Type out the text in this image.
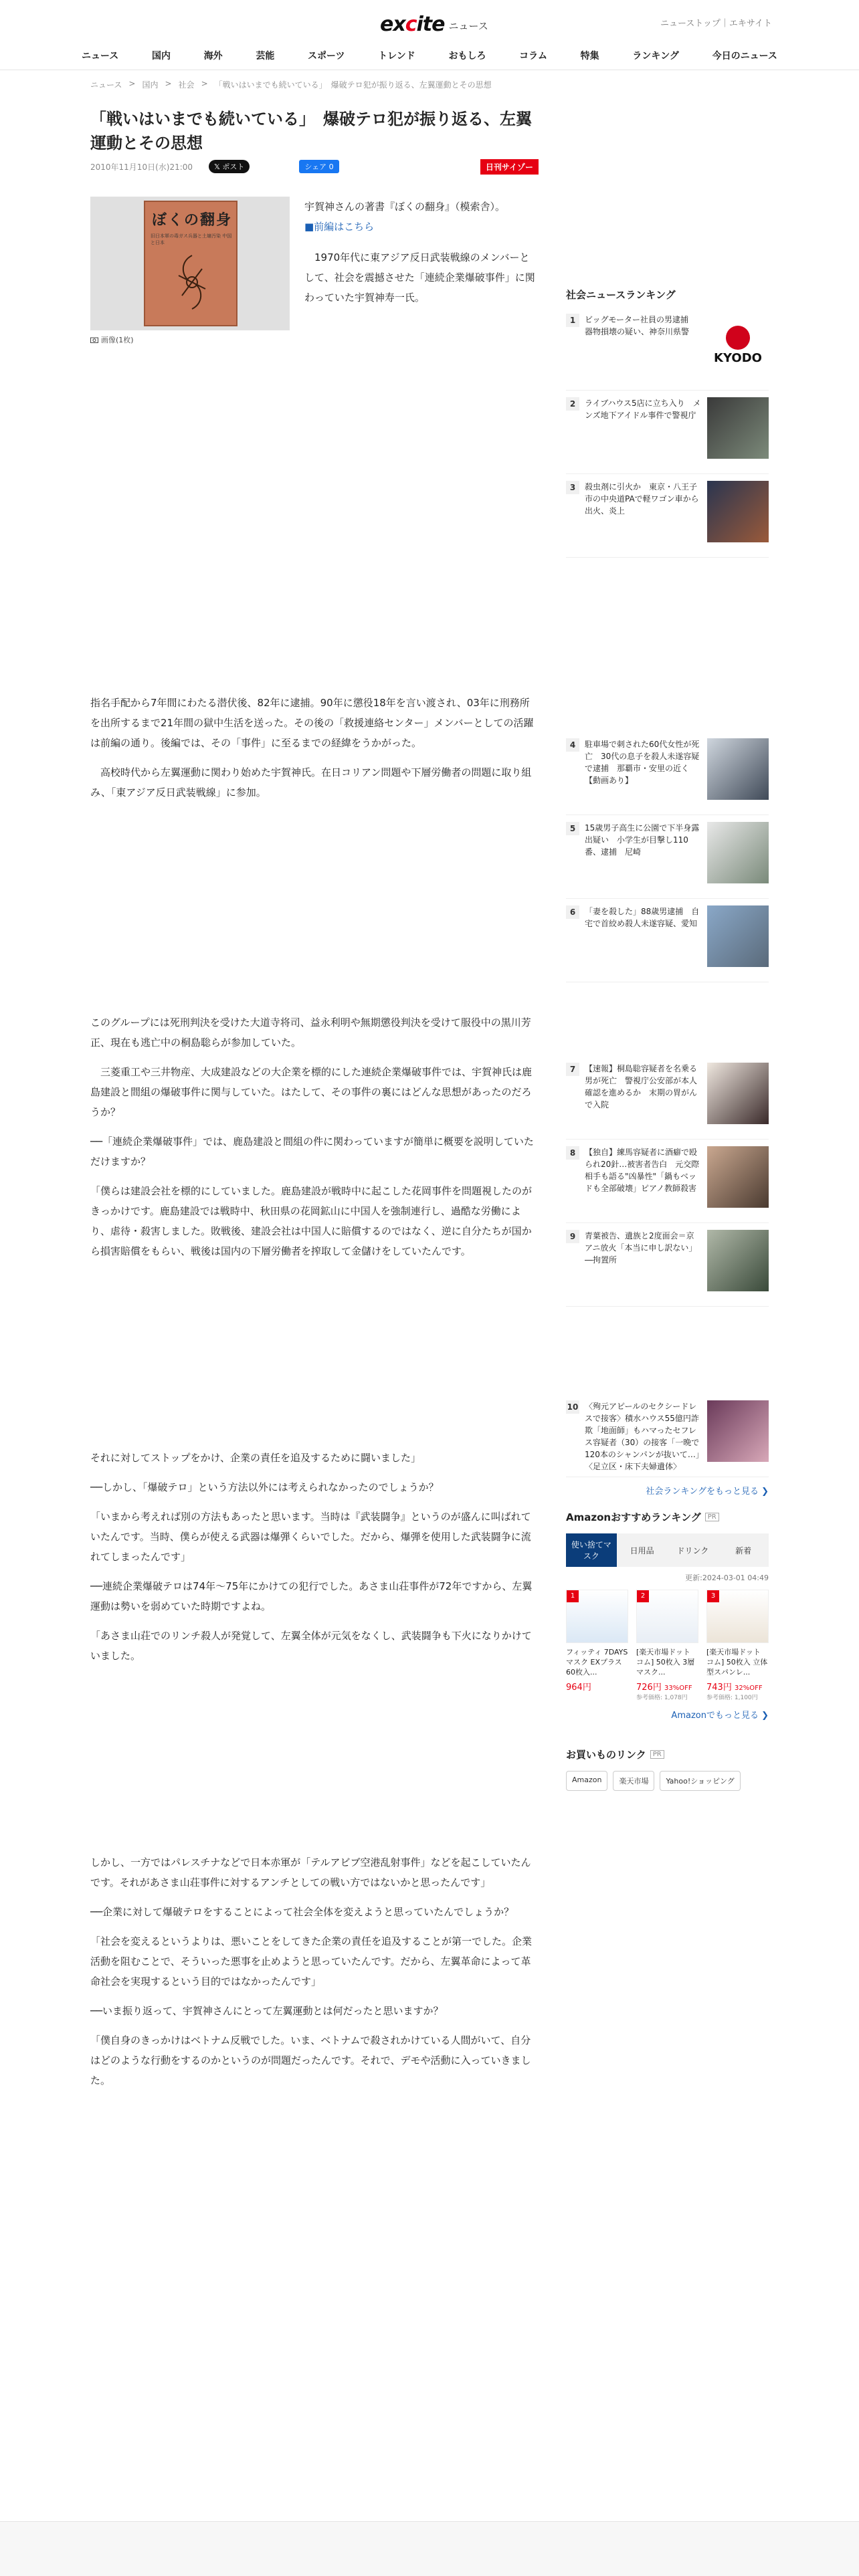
excite ニュース	ニューストップ｜エキサイト
ニュース	国内	海外	芸能	スポーツ	トレンド	おもしろ	コラム	特集	ランキング	今日のニュース
ニュース > 国内 > 社会 > 「戦いはいまでも続いている」　爆破テロ犯が振り返る、左翼運動とその思想
「戦いはいまでも続いている」　爆破テロ犯が振り返る、左翼運動とその思想
2010年11月10日(水)21:00	𝕏 ポスト	シェア 0	日刊サイゾー
ぼくの翻身
旧日本軍の毒ガス兵器と土壌汚染 中国と日本
画像(1枚)

宇賀神さんの著書『ぼくの翻身』（模索舎）。

■前編はこちら

1970年代に東アジア反日武装戦線のメンバーとして、社会を震撼させた「連続企業爆破事件」に関わっていた宇賀神寿一氏。

指名手配から7年間にわたる潜伏後、82年に逮捕。90年に懲役18年を言い渡され、03年に刑務所を出所するまで21年間の獄中生活を送った。その後の「救援連絡センター」メンバーとしての活躍は前編の通り。後編では、その「事件」に至るまでの経緯をうかがった。

高校時代から左翼運動に関わり始めた宇賀神氏。在日コリアン問題や下層労働者の問題に取り組み、「東アジア反日武装戦線」に参加。

このグループには死刑判決を受けた大道寺将司、益永利明や無期懲役判決を受けて服役中の黒川芳正、現在も逃亡中の桐島聡らが参加していた。

三菱重工や三井物産、大成建設などの大企業を標的にした連続企業爆破事件では、宇賀神氏は鹿島建設と間組の爆破事件に関与していた。はたして、その事件の裏にはどんな思想があったのだろうか？

──「連続企業爆破事件」では、鹿島建設と間組の件に関わっていますが簡単に概要を説明していただけますか？

「僕らは建設会社を標的にしていました。鹿島建設が戦時中に起こした花岡事件を問題視したのがきっかけです。鹿島建設では戦時中、秋田県の花岡鉱山に中国人を強制連行し、過酷な労働により、虐待・殺害しました。敗戦後、建設会社は中国人に賠償するのではなく、逆に自分たちが国から損害賠償をもらい、戦後は国内の下層労働者を搾取して金儲けをしていたんです。

それに対してストップをかけ、企業の責任を追及するために闘いました」

──しかし、「爆破テロ」という方法以外には考えられなかったのでしょうか？

「いまから考えれば別の方法もあったと思います。当時は『武装闘争』というのが盛んに叫ばれていたんです。当時、僕らが使える武器は爆弾くらいでした。だから、爆弾を使用した武装闘争に流れてしまったんです」

──連続企業爆破テロは74年～75年にかけての犯行でした。あさま山荘事件が72年ですから、左翼運動は勢いを弱めていた時期ですよね。

「あさま山荘でのリンチ殺人が発覚して、左翼全体が元気をなくし、武装闘争も下火になりかけていました。

しかし、一方ではパレスチナなどで日本赤軍が「テルアビブ空港乱射事件」などを起こしていたんです。それがあさま山荘事件に対するアンチとしての戦い方ではないかと思ったんです」

──企業に対して爆破テロをすることによって社会全体を変えようと思っていたんでしょうか？

「社会を変えるというよりは、悪いことをしてきた企業の責任を追及することが第一でした。企業活動を阻むことで、そういった悪事を止めようと思っていたんです。だから、左翼革命によって革命社会を実現するという目的ではなかったんです」

──いま振り返って、宇賀神さんにとって左翼運動とは何だったと思いますか？

「僕自身のきっかけはベトナム反戦でした。いま、ベトナムで殺されかけている人間がいて、自分はどのような行動をするのかというのが問題だったんです。それで、デモや活動に入っていきました。

社会ニュースランキング
1	ビッグモーター社員の男逮捕　器物損壊の疑い、神奈川県警
KYODO
2	ライブハウス5店に立ち入り　メンズ地下アイドル事件で警視庁
3	殺虫剤に引火か　東京・八王子市の中央道PAで軽ワゴン車から出火、炎上
4	駐車場で刺された60代女性が死亡　30代の息子を殺人未遂容疑で逮捕　那覇市・安里の近く【動画あり】
5	15歳男子高生に公園で下半身露出疑い　小学生が目撃し110番、逮捕　尼崎
6	「妻を殺した」88歳男逮捕　自宅で首絞め殺人未遂容疑、愛知
7	【速報】桐島聡容疑者を名乗る男が死亡　警視庁公安部が本人確認を進めるか　末期の胃がんで入院
8	【独自】練馬容疑者に酒癖で殴られ20針…被害者告白　元交際相手も語る"凶暴性"「鍋もベッドも全部破壊」ピアノ教師殺害
9	青葉被告、遺族と2度面会＝京アニ放火「本当に申し訳ない」―拘置所
10 〈殉元アピールのセクシードレスで接客〉積水ハウス55億円詐欺「地面師」もハマったセフレス容疑者（30）の接客「一晩で120本のシャンパンが抜いて…」〈足立区・床下夫婦遺体〉
社会ランキングをもっと見る ❯
Amazonおすすめランキング	PR
使い捨てマスク
日用品	ドリンク	新着
更新:2024-03-01 04:49
1
フィッティ 7DAYSマスク EXプラス 60枚入...
964円
2
[楽天市場ドット コム] 50枚入 3層マスク...
726円 33%OFF
参考価格: 1,078円
3
[楽天市場ドット コム] 50枚入 立体型スパンレ...
743円 32%OFF
参考価格: 1,100円
Amazonでもっと見る ❯
お買いものリンク	PR
Amazon	楽天市場	Yahoo!ショッピング
